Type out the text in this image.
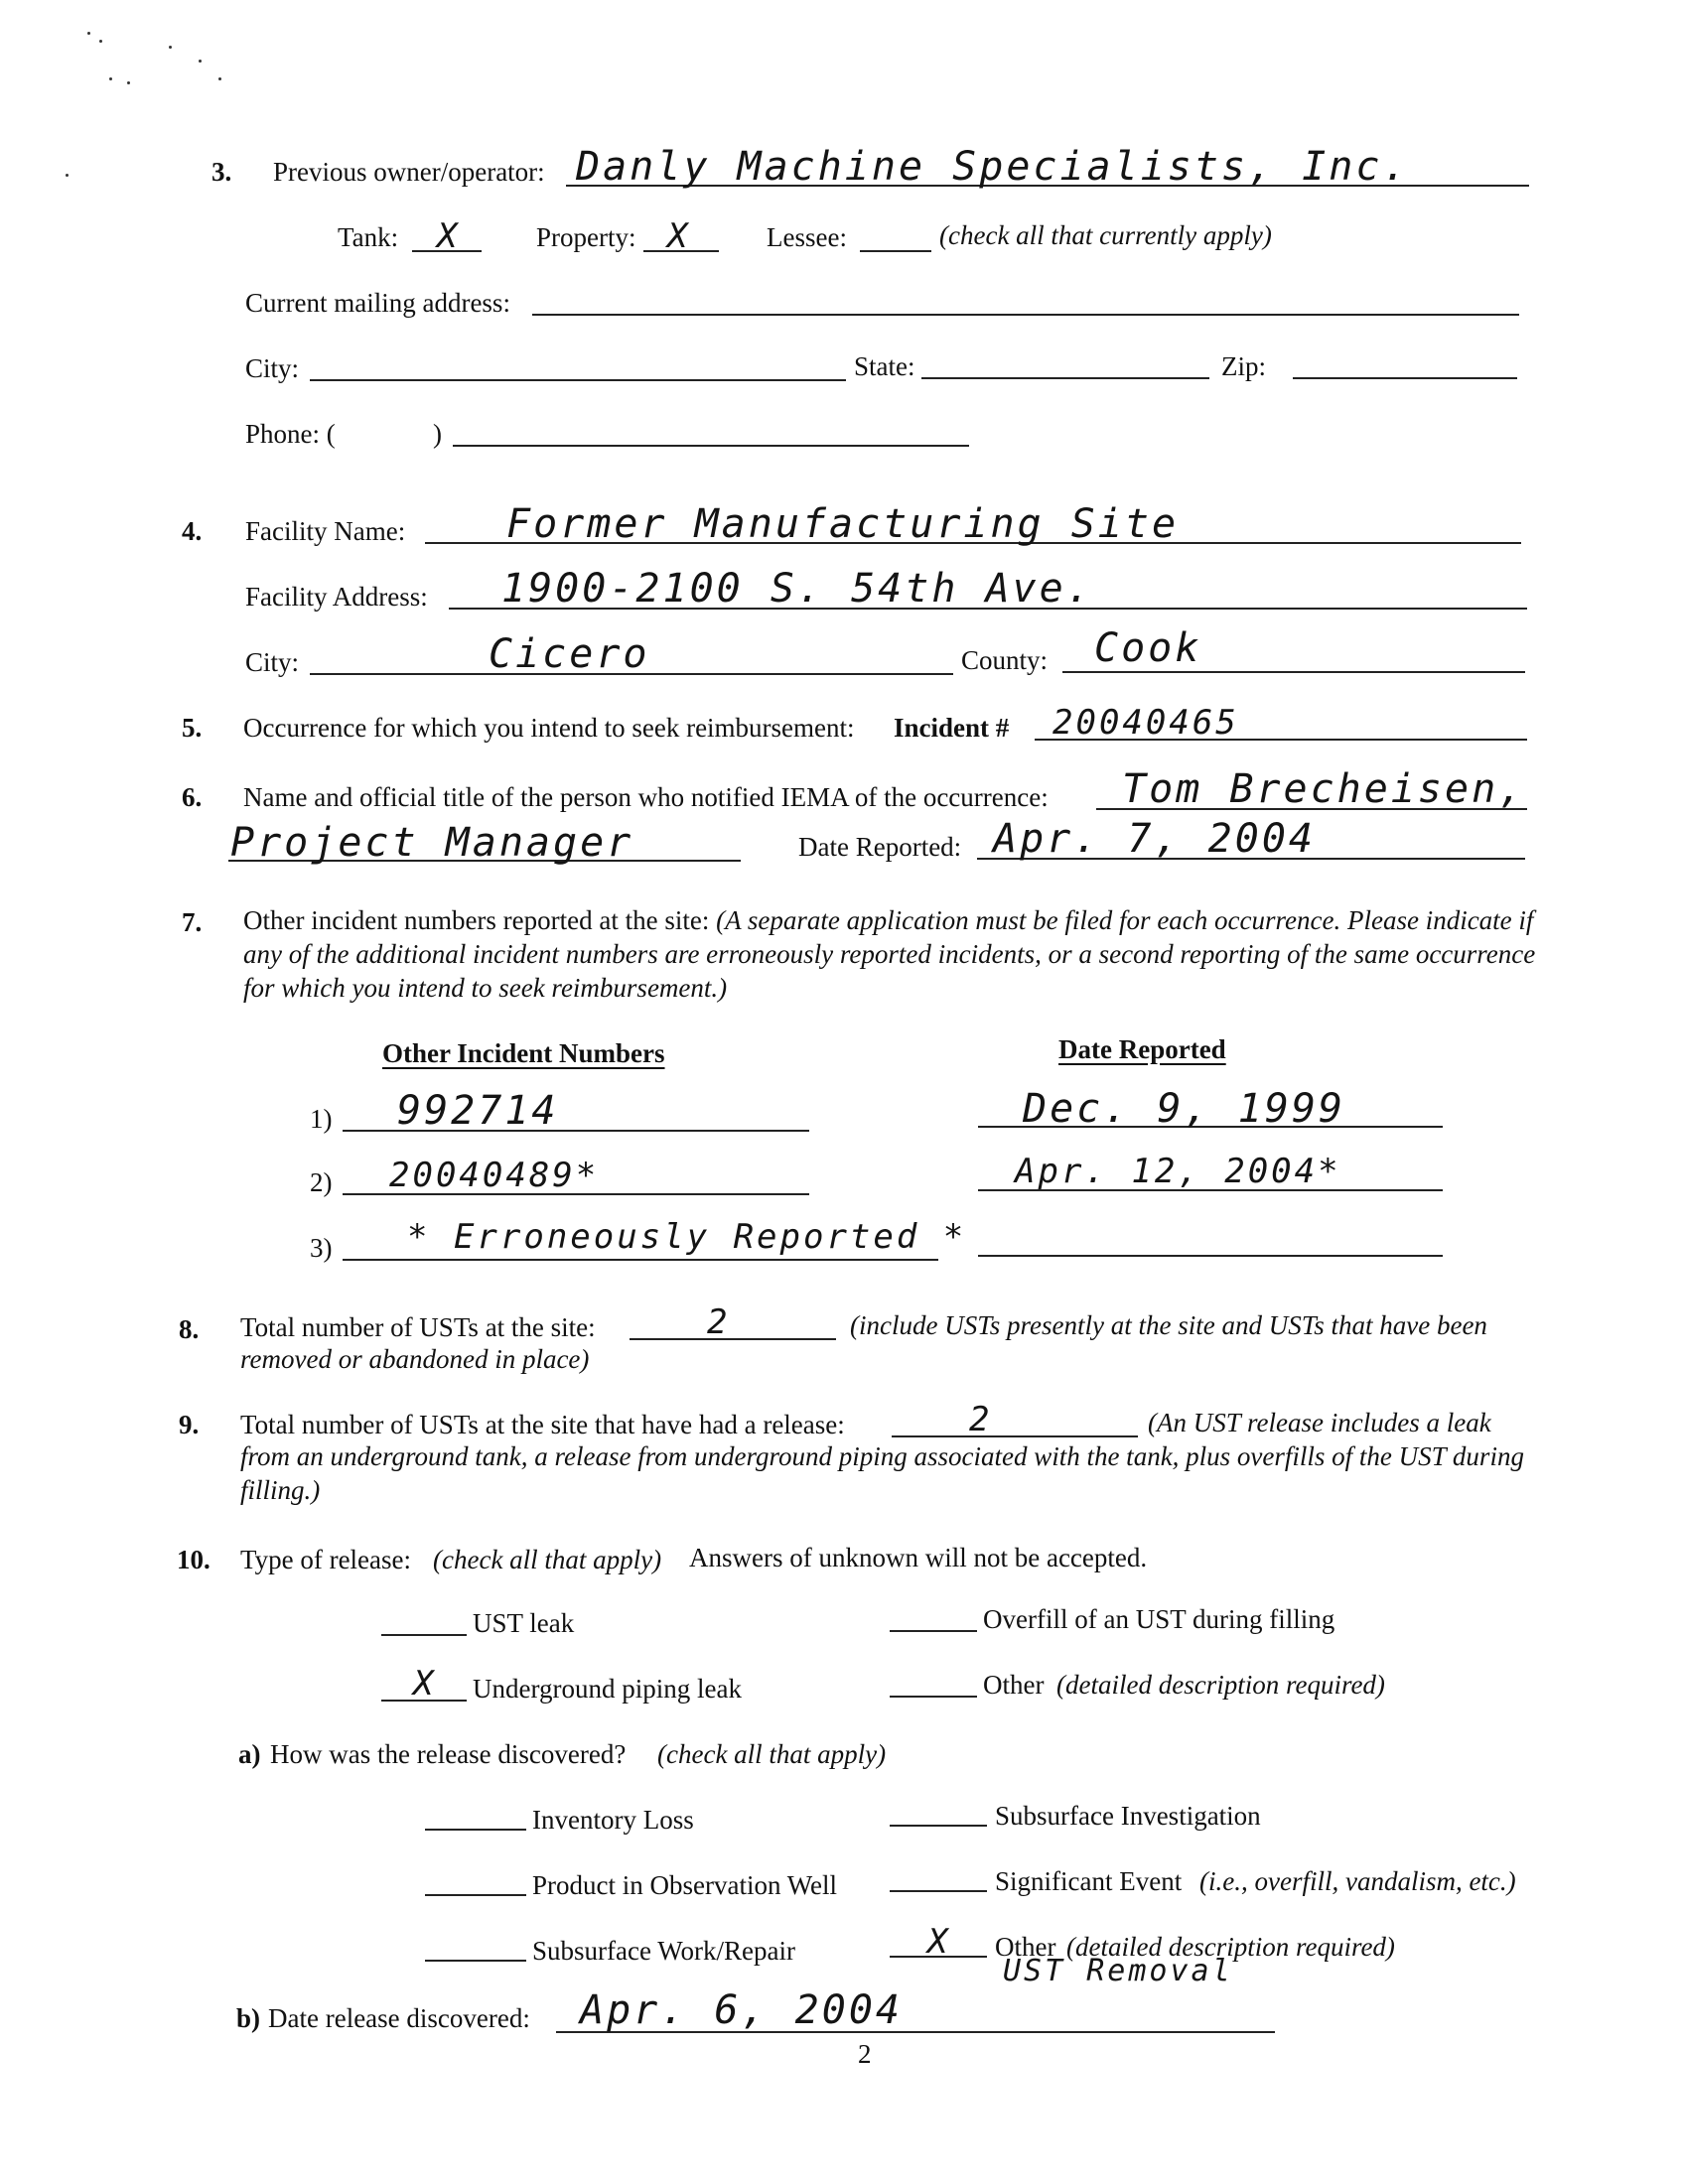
3. Previous owner/operator: Danly Machine Specialists, Inc.
Tank: X	Property: X	Lessee:	(check all that currently apply)
Current mailing address:
City:	State:	Zip:
Phone: (	)
4. Facility Name:	Former Manufacturing Site
Facility Address: 1900-2100 S. 54th Ave.
City:	Cicero	County: Cook
5. Occurrence for which you intend to seek reimbursement: Incident # 20040465
6. Name and official title of the person who notified IEMA of the occurrence: Tom Brecheisen,
Project Manager	Date Reported: Apr. 7, 2004
7. Other incident numbers reported at the site: (A separate application must be filed for each occurrence. Please indicate if any of the additional incident numbers are erroneously reported incidents, or a second reporting of the same occurrence for which you intend to seek reimbursement.)
Other Incident Numbers	Date Reported
1) 992714	Dec. 9, 1999
2) 20040489*	Apr. 12, 2004*
3) * Erroneously Reported *
8. Total number of USTs at the site:	2	(include USTs presently at the site and USTs that have been removed or abandoned in place)
9. Total number of USTs at the site that have had a release:	2	(An UST release includes a leak from an underground tank, a release from underground piping associated with the tank, plus overfills of the UST during filling.)
10. Type of release: (check all that apply) Answers of unknown will not be accepted.
UST leak	Overfill of an UST during filling
X Underground piping leak	Other (detailed description required)
a) How was the release discovered? (check all that apply)
Inventory Loss	Subsurface Investigation
Product in Observation Well	Significant Event (i.e., overfill, vandalism, etc.)
Subsurface Work/Repair	X Other (detailed description required)
UST Removal
b) Date release discovered: Apr. 6, 2004
2
